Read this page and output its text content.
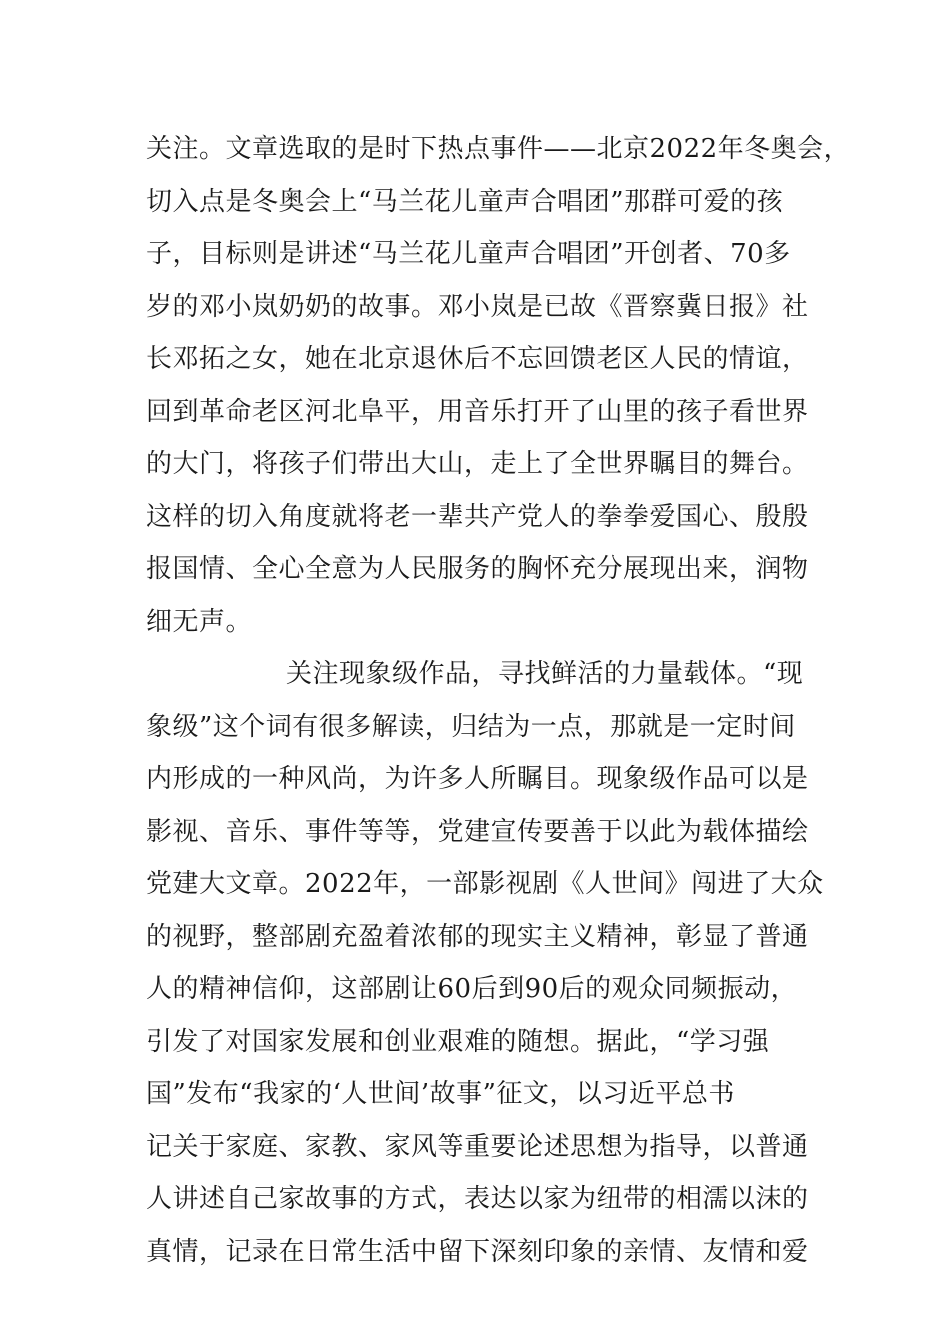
关注。文章选取的是时下热点事件——北京2022年冬奥会，
切入点是冬奥会上“马兰花儿童声合唱团”那群可爱的孩
子，目标则是讲述“马兰花儿童声合唱团”开创者、70多
岁的邓小岚奶奶的故事。邓小岚是已故《晋察冀日报》社
长邓拓之女，她在北京退休后不忘回馈老区人民的情谊，
回到革命老区河北阜平，用音乐打开了山里的孩子看世界
的大门，将孩子们带出大山，走上了全世界瞩目的舞台。
这样的切入角度就将老一辈共产党人的拳拳爱国心、殷殷
报国情、全心全意为人民服务的胸怀充分展现出来，润物
细无声。
关注现象级作品，寻找鲜活的力量载体。“现
象级”这个词有很多解读，归结为一点，那就是一定时间
内形成的一种风尚，为许多人所瞩目。现象级作品可以是
影视、音乐、事件等等，党建宣传要善于以此为载体描绘
党建大文章。2022年，一部影视剧《人世间》闯进了大众
的视野，整部剧充盈着浓郁的现实主义精神，彰显了普通
人的精神信仰，这部剧让60后到90后的观众同频振动，
引发了对国家发展和创业艰难的随想。据此，“学习强
国”发布“我家的‘人世间’故事”征文，以习近平总书
记关于家庭、家教、家风等重要论述思想为指导，以普通
人讲述自己家故事的方式，表达以家为纽带的相濡以沫的
真情，记录在日常生活中留下深刻印象的亲情、友情和爱
